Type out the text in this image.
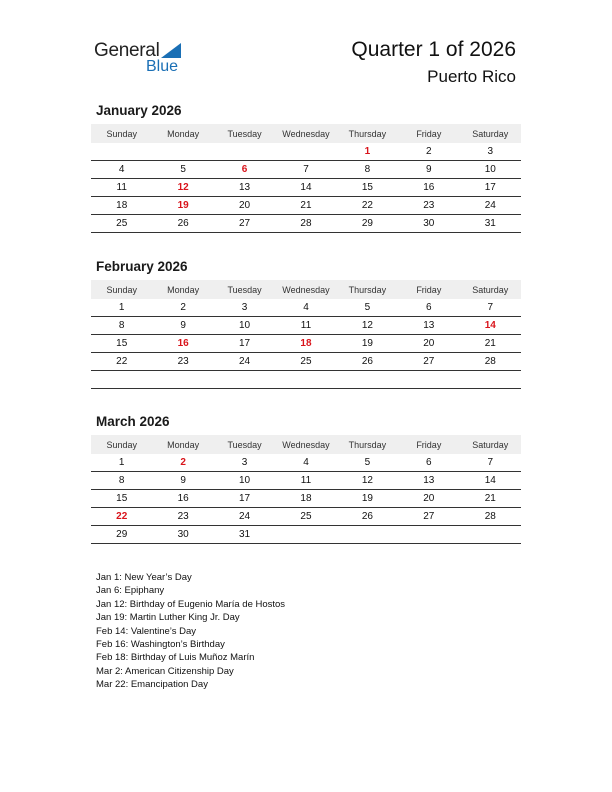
General
Blue
Quarter 1 of 2026
Puerto Rico
January 2026
Sunday	Monday	Tuesday	Wednesday	Thursday	Friday	Saturday
				1	2	3
4	5	6	7	8	9	10
11	12	13	14	15	16	17
18	19	20	21	22	23	24
25	26	27	28	29	30	31
February 2026
Sunday	Monday	Tuesday	Wednesday	Thursday	Friday	Saturday
1	2	3	4	5	6	7
8	9	10	11	12	13	14
15	16	17	18	19	20	21
22	23	24	25	26	27	28

March 2026
Sunday	Monday	Tuesday	Wednesday	Thursday	Friday	Saturday
1	2	3	4	5	6	7
8	9	10	11	12	13	14
15	16	17	18	19	20	21
22	23	24	25	26	27	28
29	30	31				
Jan 1: New Year’s Day
Jan 6: Epiphany
Jan 12: Birthday of Eugenio María de Hostos
Jan 19: Martin Luther King Jr. Day
Feb 14: Valentine’s Day
Feb 16: Washington’s Birthday
Feb 18: Birthday of Luis Muñoz Marín
Mar 2: American Citizenship Day
Mar 22: Emancipation Day
